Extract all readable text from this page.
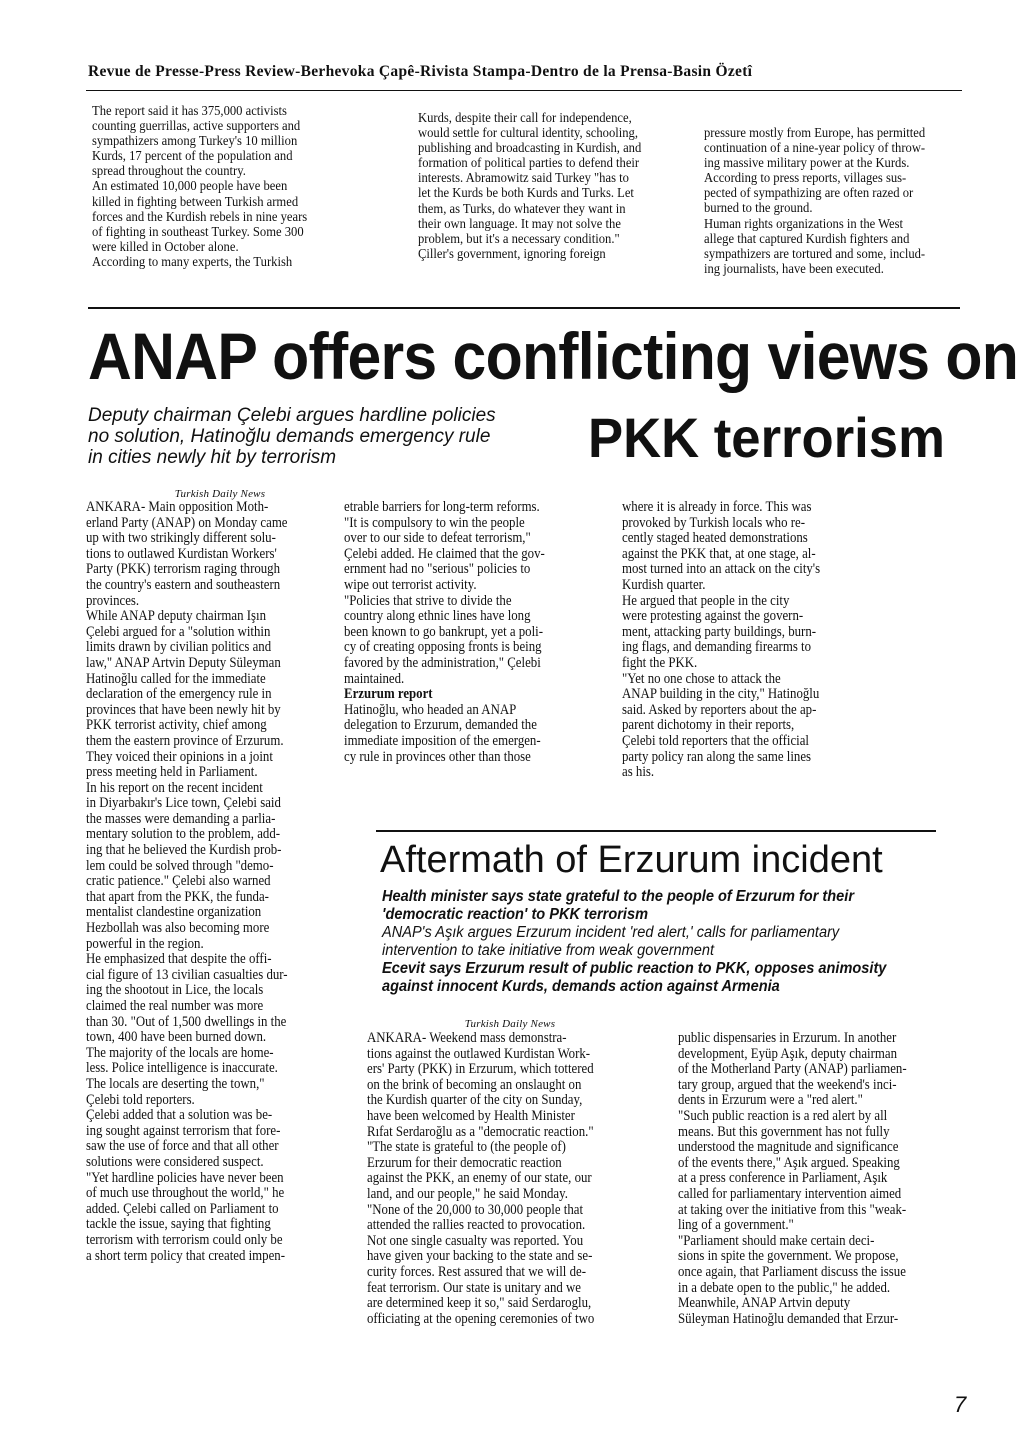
Revue de Presse-Press Review-Berhevoka Çapê-Rivista Stampa-Dentro de la Prensa-Basin Özetî
The report said it has 375,000 activists
counting guerrillas, active supporters and
sympathizers among Turkey's 10 million
Kurds, 17 percent of the population and
spread throughout the country.
An estimated 10,000 people have been
killed in fighting between Turkish armed
forces and the Kurdish rebels in nine years
of fighting in southeast Turkey. Some 300
were killed in October alone.
According to many experts, the Turkish
Kurds, despite their call for independence,
would settle for cultural identity, schooling,
publishing and broadcasting in Kurdish, and
formation of political parties to defend their
interests. Abramowitz said Turkey "has to
let the Kurds be both Kurds and Turks. Let
them, as Turks, do whatever they want in
their own language. It may not solve the
problem, but it's a necessary condition."
Çiller's government, ignoring foreign
pressure mostly from Europe, has permitted
continuation of a nine-year policy of throw-
ing massive military power at the Kurds.
According to press reports, villages sus-
pected of sympathizing are often razed or
burned to the ground.
Human rights organizations in the West
allege that captured Kurdish fighters and
sympathizers are tortured and some, includ-
ing journalists, have been executed.
ANAP offers conflicting views on
Deputy chairman Çelebi argues hardline policies
no solution, Hatinoğlu demands emergency rule
in cities newly hit by terrorism	PKK terrorism
Turkish Daily News
ANKARA- Main opposition Moth-
erland Party (ANAP) on Monday came
up with two strikingly different solu-
tions to outlawed Kurdistan Workers'
Party (PKK) terrorism raging through
the country's eastern and southeastern
provinces.
While ANAP deputy chairman Işın
Çelebi argued for a "solution within
limits drawn by civilian politics and
law," ANAP Artvin Deputy Süleyman
Hatinoğlu called for the immediate
declaration of the emergency rule in
provinces that have been newly hit by
PKK terrorist activity, chief among
them the eastern province of Erzurum.
They voiced their opinions in a joint
press meeting held in Parliament.
In his report on the recent incident
in Diyarbakır's Lice town, Çelebi said
the masses were demanding a parlia-
mentary solution to the problem, add-
ing that he believed the Kurdish prob-
lem could be solved through "demo-
cratic patience." Çelebi also warned
that apart from the PKK, the funda-
mentalist clandestine organization
Hezbollah was also becoming more
powerful in the region.
He emphasized that despite the offi-
cial figure of 13 civilian casualties dur-
ing the shootout in Lice, the locals
claimed the real number was more
than 30. "Out of 1,500 dwellings in the
town, 400 have been burned down.
The majority of the locals are home-
less. Police intelligence is inaccurate.
The locals are deserting the town,"
Çelebi told reporters.
Çelebi added that a solution was be-
ing sought against terrorism that fore-
saw the use of force and that all other
solutions were considered suspect.
"Yet hardline policies have never been
of much use throughout the world," he
added. Çelebi called on Parliament to
tackle the issue, saying that fighting
terrorism with terrorism could only be
a short term policy that created impen-
etrable barriers for long-term reforms.
"It is compulsory to win the people
over to our side to defeat terrorism,"
Çelebi added. He claimed that the gov-
ernment had no "serious" policies to
wipe out terrorist activity.
"Policies that strive to divide the
country along ethnic lines have long
been known to go bankrupt, yet a poli-
cy of creating opposing fronts is being
favored by the administration," Çelebi
maintained.
Erzurum report
Hatinoğlu, who headed an ANAP
delegation to Erzurum, demanded the
immediate imposition of the emergen-
cy rule in provinces other than those
where it is already in force. This was
provoked by Turkish locals who re-
cently staged heated demonstrations
against the PKK that, at one stage, al-
most turned into an attack on the city's
Kurdish quarter.
He argued that people in the city
were protesting against the govern-
ment, attacking party buildings, burn-
ing flags, and demanding firearms to
fight the PKK.
"Yet no one chose to attack the
ANAP building in the city," Hatinoğlu
said. Asked by reporters about the ap-
parent dichotomy in their reports,
Çelebi told reporters that the official
party policy ran along the same lines
as his.
Aftermath of Erzurum incident
Health minister says state grateful to the people of Erzurum for their
'democratic reaction' to PKK terrorism
ANAP's Aşık argues Erzurum incident 'red alert,' calls for parliamentary
intervention to take initiative from weak government
Ecevit says Erzurum result of public reaction to PKK, opposes animosity
against innocent Kurds, demands action against Armenia
Turkish Daily News
ANKARA- Weekend mass demonstra-
tions against the outlawed Kurdistan Work-
ers' Party (PKK) in Erzurum, which tottered
on the brink of becoming an onslaught on
the Kurdish quarter of the city on Sunday,
have been welcomed by Health Minister
Rıfat Serdaroğlu as a "democratic reaction."
"The state is grateful to (the people of)
Erzurum for their democratic reaction
against the PKK, an enemy of our state, our
land, and our people," he said Monday.
"None of the 20,000 to 30,000 people that
attended the rallies reacted to provocation.
Not one single casualty was reported. You
have given your backing to the state and se-
curity forces. Rest assured that we will de-
feat terrorism. Our state is unitary and we
are determined keep it so," said Serdaroglu,
officiating at the opening ceremonies of two
public dispensaries in Erzurum. In another
development, Eyüp Aşık, deputy chairman
of the Motherland Party (ANAP) parliamen-
tary group, argued that the weekend's inci-
dents in Erzurum were a "red alert."
"Such public reaction is a red alert by all
means. But this government has not fully
understood the magnitude and significance
of the events there," Aşık argued. Speaking
at a press conference in Parliament, Aşık
called for parliamentary intervention aimed
at taking over the initiative from this "weak-
ling of a government."
"Parliament should make certain deci-
sions in spite the government. We propose,
once again, that Parliament discuss the issue
in a debate open to the public," he added.
Meanwhile, ANAP Artvin deputy
Süleyman Hatinoğlu demanded that Erzur-
7
